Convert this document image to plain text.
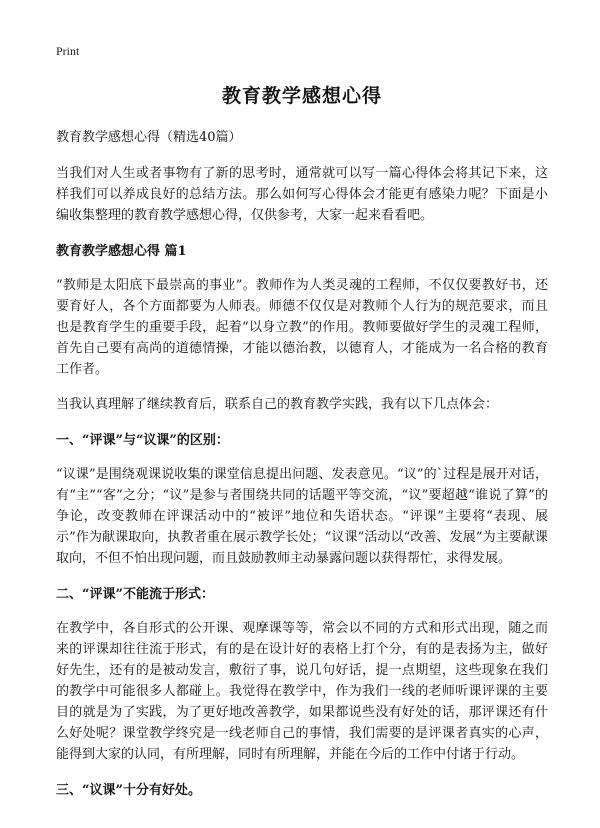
Print
教育教学感想心得
教育教学感想心得（精选40篇）

当我们对人生或者事物有了新的思考时，通常就可以写一篇心得体会将其记下来，这样我们可以养成良好的总结方法。那么如何写心得体会才能更有感染力呢？下面是小编收集整理的教育教学感想心得，仅供参考，大家一起来看看吧。

教育教学感想心得 篇1

“教师是太阳底下最崇高的事业”。教师作为人类灵魂的工程师，不仅仅要教好书，还要育好人，各个方面都要为人师表。师德不仅仅是对教师个人行为的规范要求，而且也是教育学生的重要手段，起着“以身立教”的作用。教师要做好学生的灵魂工程师，首先自己要有高尚的道德情操，才能以德治教，以德育人，才能成为一名合格的教育工作者。

当我认真理解了继续教育后，联系自己的教育教学实践，我有以下几点体会：

一、“评课”与“议课”的区别：

“议课”是围绕观课说收集的课堂信息提出问题、发表意见。“议”的`过程是展开对话，有“主”“客”之分；“议”是参与者围绕共同的话题平等交流，“议”要超越“谁说了算”的争论，改变教师在评课活动中的“被评”地位和失语状态。“评课”主要将“表现、展示”作为献课取向，执教者重在展示教学长处；“议课”活动以“改善、发展”为主要献课取向，不但不怕出现问题，而且鼓励教师主动暴露问题以获得帮忙，求得发展。

二、“评课”不能流于形式：

在教学中，各自形式的公开课、观摩课等等，常会以不同的方式和形式出现，随之而来的评课却往往流于形式，有的是在设计好的表格上打个分，有的是表扬为主，做好好先生，还有的是被动发言，敷衍了事，说几句好话，提一点期望，这些现象在我们的教学中可能很多人都碰上。我觉得在教学中，作为我们一线的老师听课评课的主要目的就是为了实践，为了更好地改善教学，如果都说些没有好处的话，那评课还有什么好处呢？课堂教学终究是一线老师自己的事情，我们需要的是评课者真实的心声，能得到大家的认同，有所理解，同时有所理解，并能在今后的工作中付诸于行动。

三、“议课”十分有好处。
